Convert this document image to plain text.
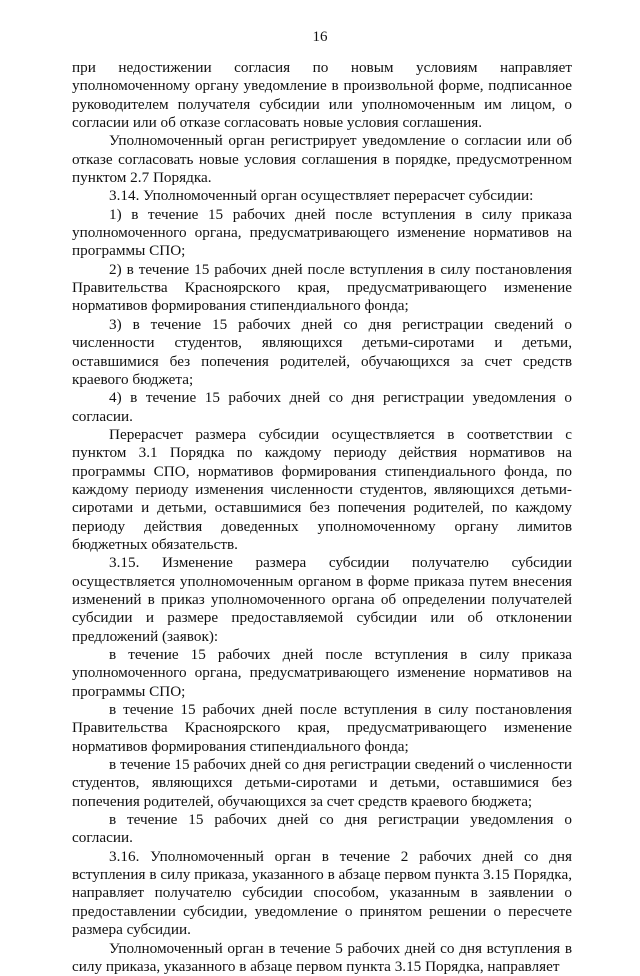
16

при недостижении согласия по новым условиям направляет уполномоченному органу уведомление в произвольной форме, подписанное руководителем получателя субсидии или уполномоченным им лицом, о согласии или об отказе согласовать новые условия соглашения.

Уполномоченный орган регистрирует уведомление о согласии или об отказе согласовать новые условия соглашения в порядке, предусмотренном пунктом 2.7 Порядка.

3.14. Уполномоченный орган осуществляет перерасчет субсидии:

1) в течение 15 рабочих дней после вступления в силу приказа уполномоченного органа, предусматривающего изменение нормативов на программы СПО;

2) в течение 15 рабочих дней после вступления в силу постановления Правительства Красноярского края, предусматривающего изменение нормативов формирования стипендиального фонда;

3) в течение 15 рабочих дней со дня регистрации сведений о численности студентов, являющихся детьми-сиротами и детьми, оставшимися без попечения родителей, обучающихся за счет средств краевого бюджета;

4) в течение 15 рабочих дней со дня регистрации уведомления о согласии.

Перерасчет размера субсидии осуществляется в соответствии с пунктом 3.1 Порядка по каждому периоду действия нормативов на программы СПО, нормативов формирования стипендиального фонда, по каждому периоду изменения численности студентов, являющихся детьми-сиротами и детьми, оставшимися без попечения родителей, по каждому периоду действия доведенных уполномоченному органу лимитов бюджетных обязательств.

3.15. Изменение размера субсидии получателю субсидии осуществляется уполномоченным органом в форме приказа путем внесения изменений в приказ уполномоченного органа об определении получателей субсидии и размере предоставляемой субсидии или об отклонении предложений (заявок):

в течение 15 рабочих дней после вступления в силу приказа уполномоченного органа, предусматривающего изменение нормативов на программы СПО;

в течение 15 рабочих дней после вступления в силу постановления Правительства Красноярского края, предусматривающего изменение нормативов формирования стипендиального фонда;

в течение 15 рабочих дней со дня регистрации сведений о численности студентов, являющихся детьми-сиротами и детьми, оставшимися без попечения родителей, обучающихся за счет средств краевого бюджета;

в течение 15 рабочих дней со дня регистрации уведомления о согласии.

3.16. Уполномоченный орган в течение 2 рабочих дней со дня вступления в силу приказа, указанного в абзаце первом пункта 3.15 Порядка, направляет получателю субсидии способом, указанным в заявлении о предоставлении субсидии, уведомление о принятом решении о пересчете размера субсидии.

Уполномоченный орган в течение 5 рабочих дней со дня вступления в силу приказа, указанного в абзаце первом пункта 3.15 Порядка, направляет
